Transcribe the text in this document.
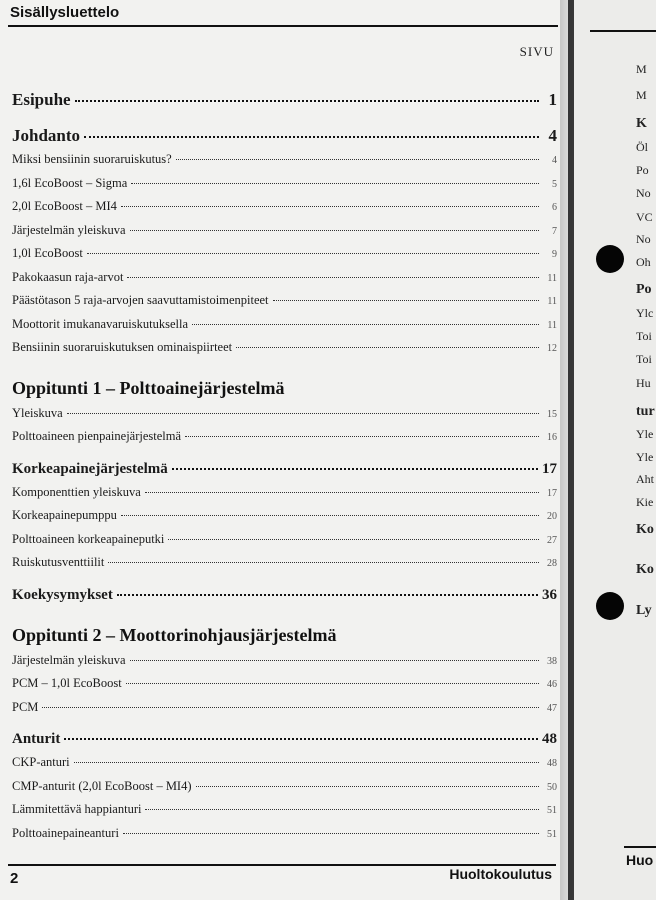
Sisällysluettelo
SIVU
Esipuhe	1
Johdanto	4
Miksi bensiinin suoraruiskutus?	4
1,6l EcoBoost – Sigma	5
2,0l EcoBoost – MI4	6
Järjestelmän yleiskuva	7
1,0l EcoBoost	9
Pakokaasun raja-arvot	11
Päästötason 5 raja-arvojen saavuttamistoimenpiteet	11
Moottorit imukanavaruiskutuksella	11
Bensiinin suoraruiskutuksen ominaispiirteet	12
Oppitunti 1 – Polttoainejärjestelmä
Yleiskuva	15
Polttoaineen pienpainejärjestelmä	16
Korkeapainejärjestelmä	17
Komponenttien yleiskuva	17
Korkeapainepumppu	20
Polttoaineen korkeapaineputki	27
Ruiskutusventtiilit	28
Koekysymykset	36
Oppitunti 2 – Moottorinohjausjärjestelmä
Järjestelmän yleiskuva	38
PCM – 1,0l EcoBoost	46
PCM	47
Anturit	48
CKP-anturi	48
CMP-anturit (2,0l EcoBoost – MI4)	50
Lämmitettävä happianturi	51
Polttoainepaineanturi	51
2	Huoltokoulutus
Huo
M
M
K
Öl
Po
No
VC
No
Oh
Po
Ylc
Toi
Toi
Hu
tur
Yle
Yle
Aht
Kie
Ko
Ko
Ly
